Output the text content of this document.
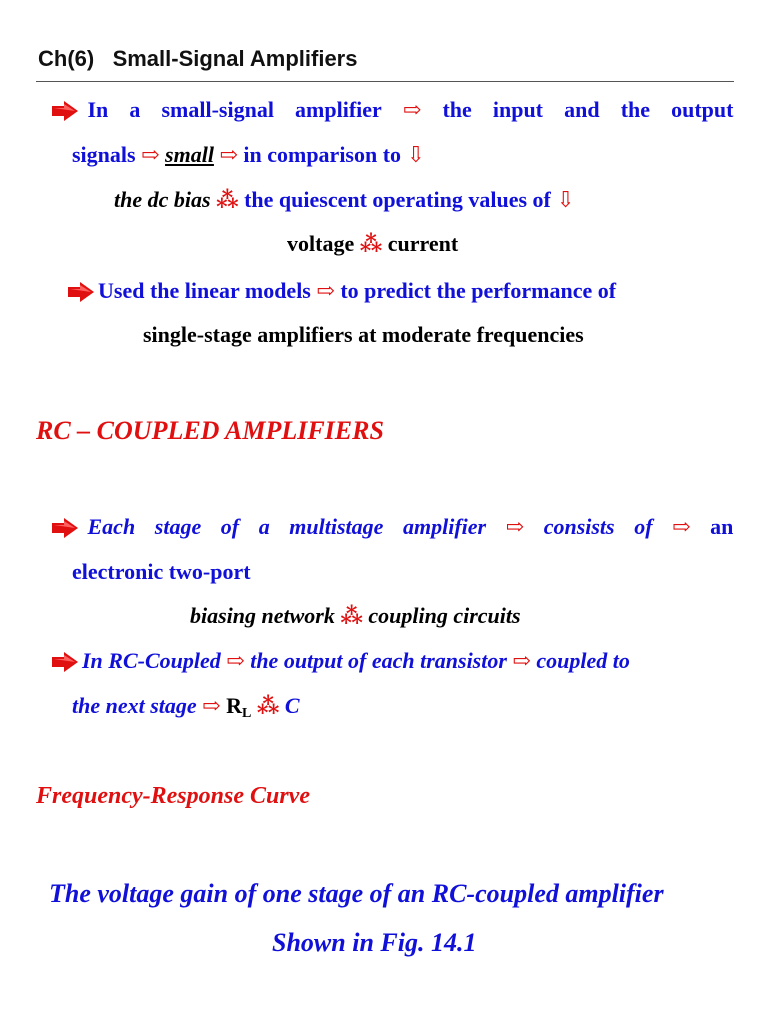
Ch(6) Small-Signal Amplifiers

In a small-signal amplifier ⇨ the input and the output
signals ⇨ small ⇨ in comparison to ⇩
the dc bias ⁂ the quiescent operating values of ⇩
voltage ⁂ current
Used the linear models ⇨ to predict the performance of
single-stage amplifiers at moderate frequencies
RC – COUPLED AMPLIFIERS

Each stage of a multistage amplifier ⇨ consists of ⇨ an
electronic two-port
biasing network ⁂ coupling circuits
In RC-Coupled ⇨ the output of each transistor ⇨ coupled to
the next stage ⇨ $R_L$ ⁂ C
Frequency-Response Curve
The voltage gain of one stage of an RC-coupled amplifier
Shown in Fig. 14.1
